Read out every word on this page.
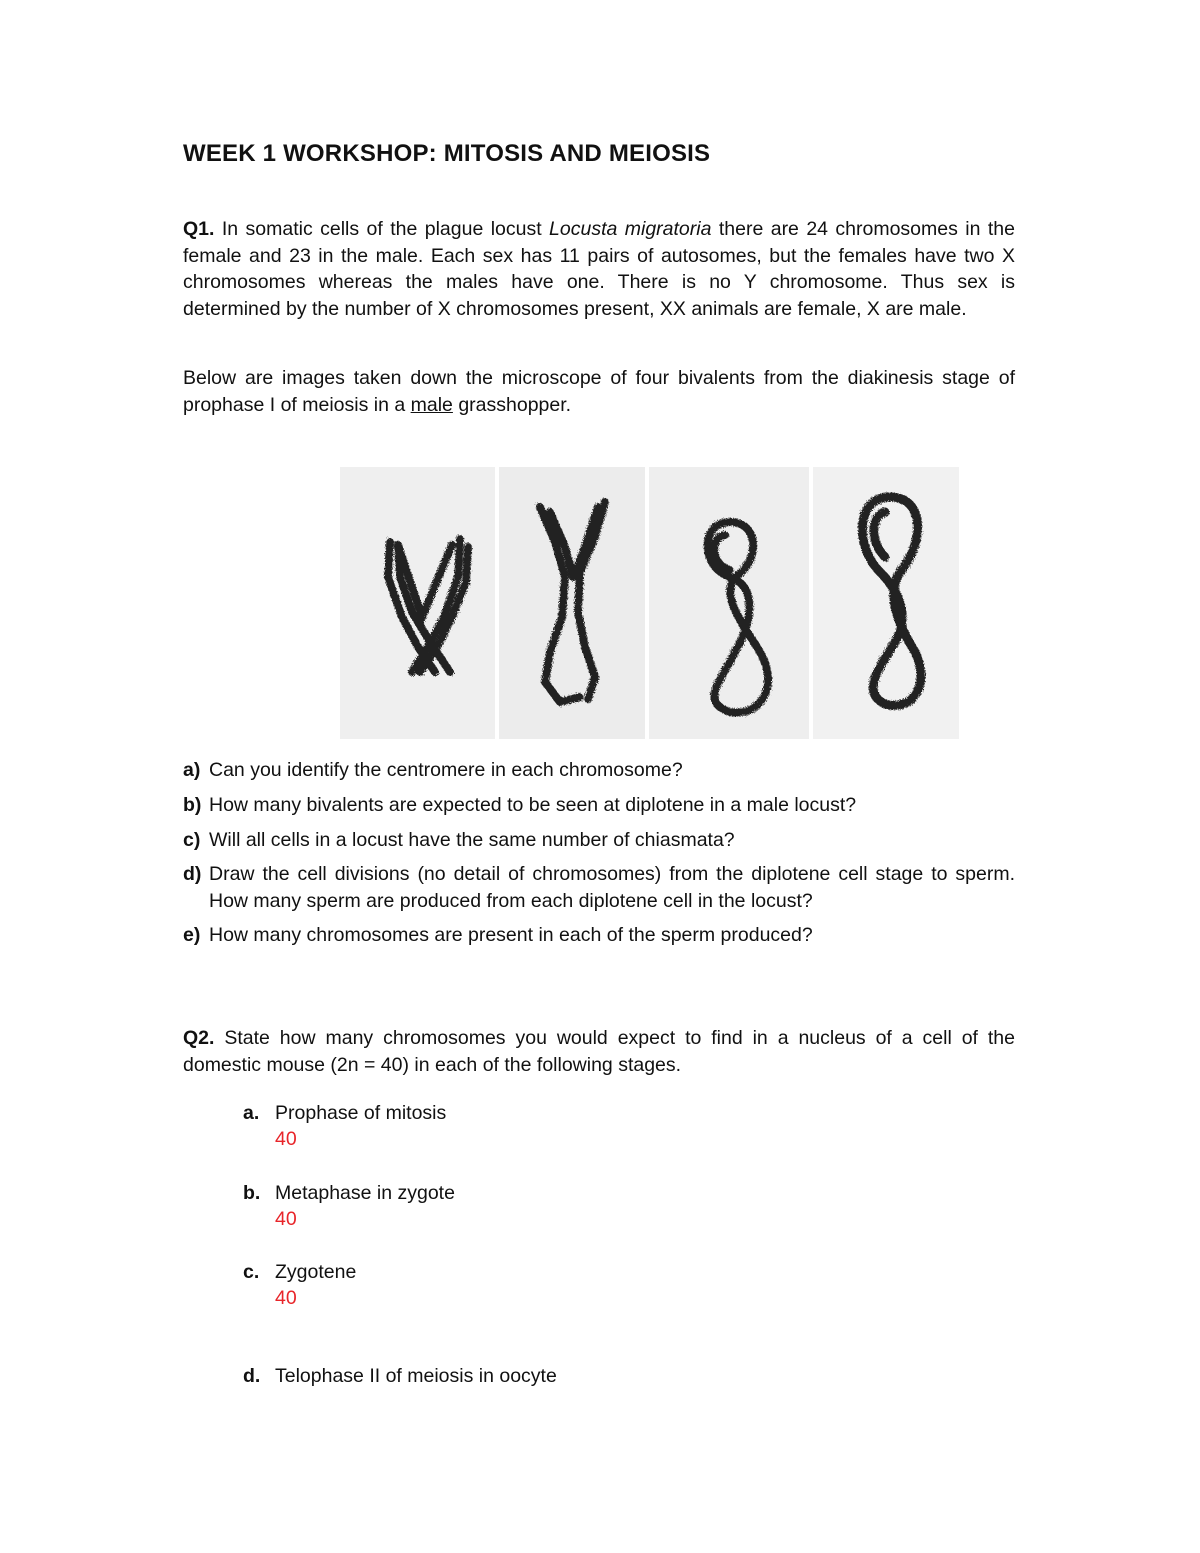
WEEK 1 WORKSHOP: MITOSIS AND MEIOSIS
Q1. In somatic cells of the plague locust Locusta migratoria there are 24 chromosomes in the female and 23 in the male. Each sex has 11 pairs of autosomes, but the females have two X chromosomes whereas the males have one. There is no Y chromosome. Thus sex is determined by the number of X chromosomes present, XX animals are female, X are male.
Below are images taken down the microscope of four bivalents from the diakinesis stage of prophase I of meiosis in a male grasshopper.
a) Can you identify the centromere in each chromosome?
b) How many bivalents are expected to be seen at diplotene in a male locust?
c) Will all cells in a locust have the same number of chiasmata?
d) Draw the cell divisions (no detail of chromosomes) from the diplotene cell stage to sperm. How many sperm are produced from each diplotene cell in the locust?
e) How many chromosomes are present in each of the sperm produced?
Q2. State how many chromosomes you would expect to find in a nucleus of a cell of the domestic mouse (2n = 40) in each of the following stages.
a. Prophase of mitosis
40
b. Metaphase in zygote
40
c. Zygotene
40
d. Telophase II of meiosis in oocyte
